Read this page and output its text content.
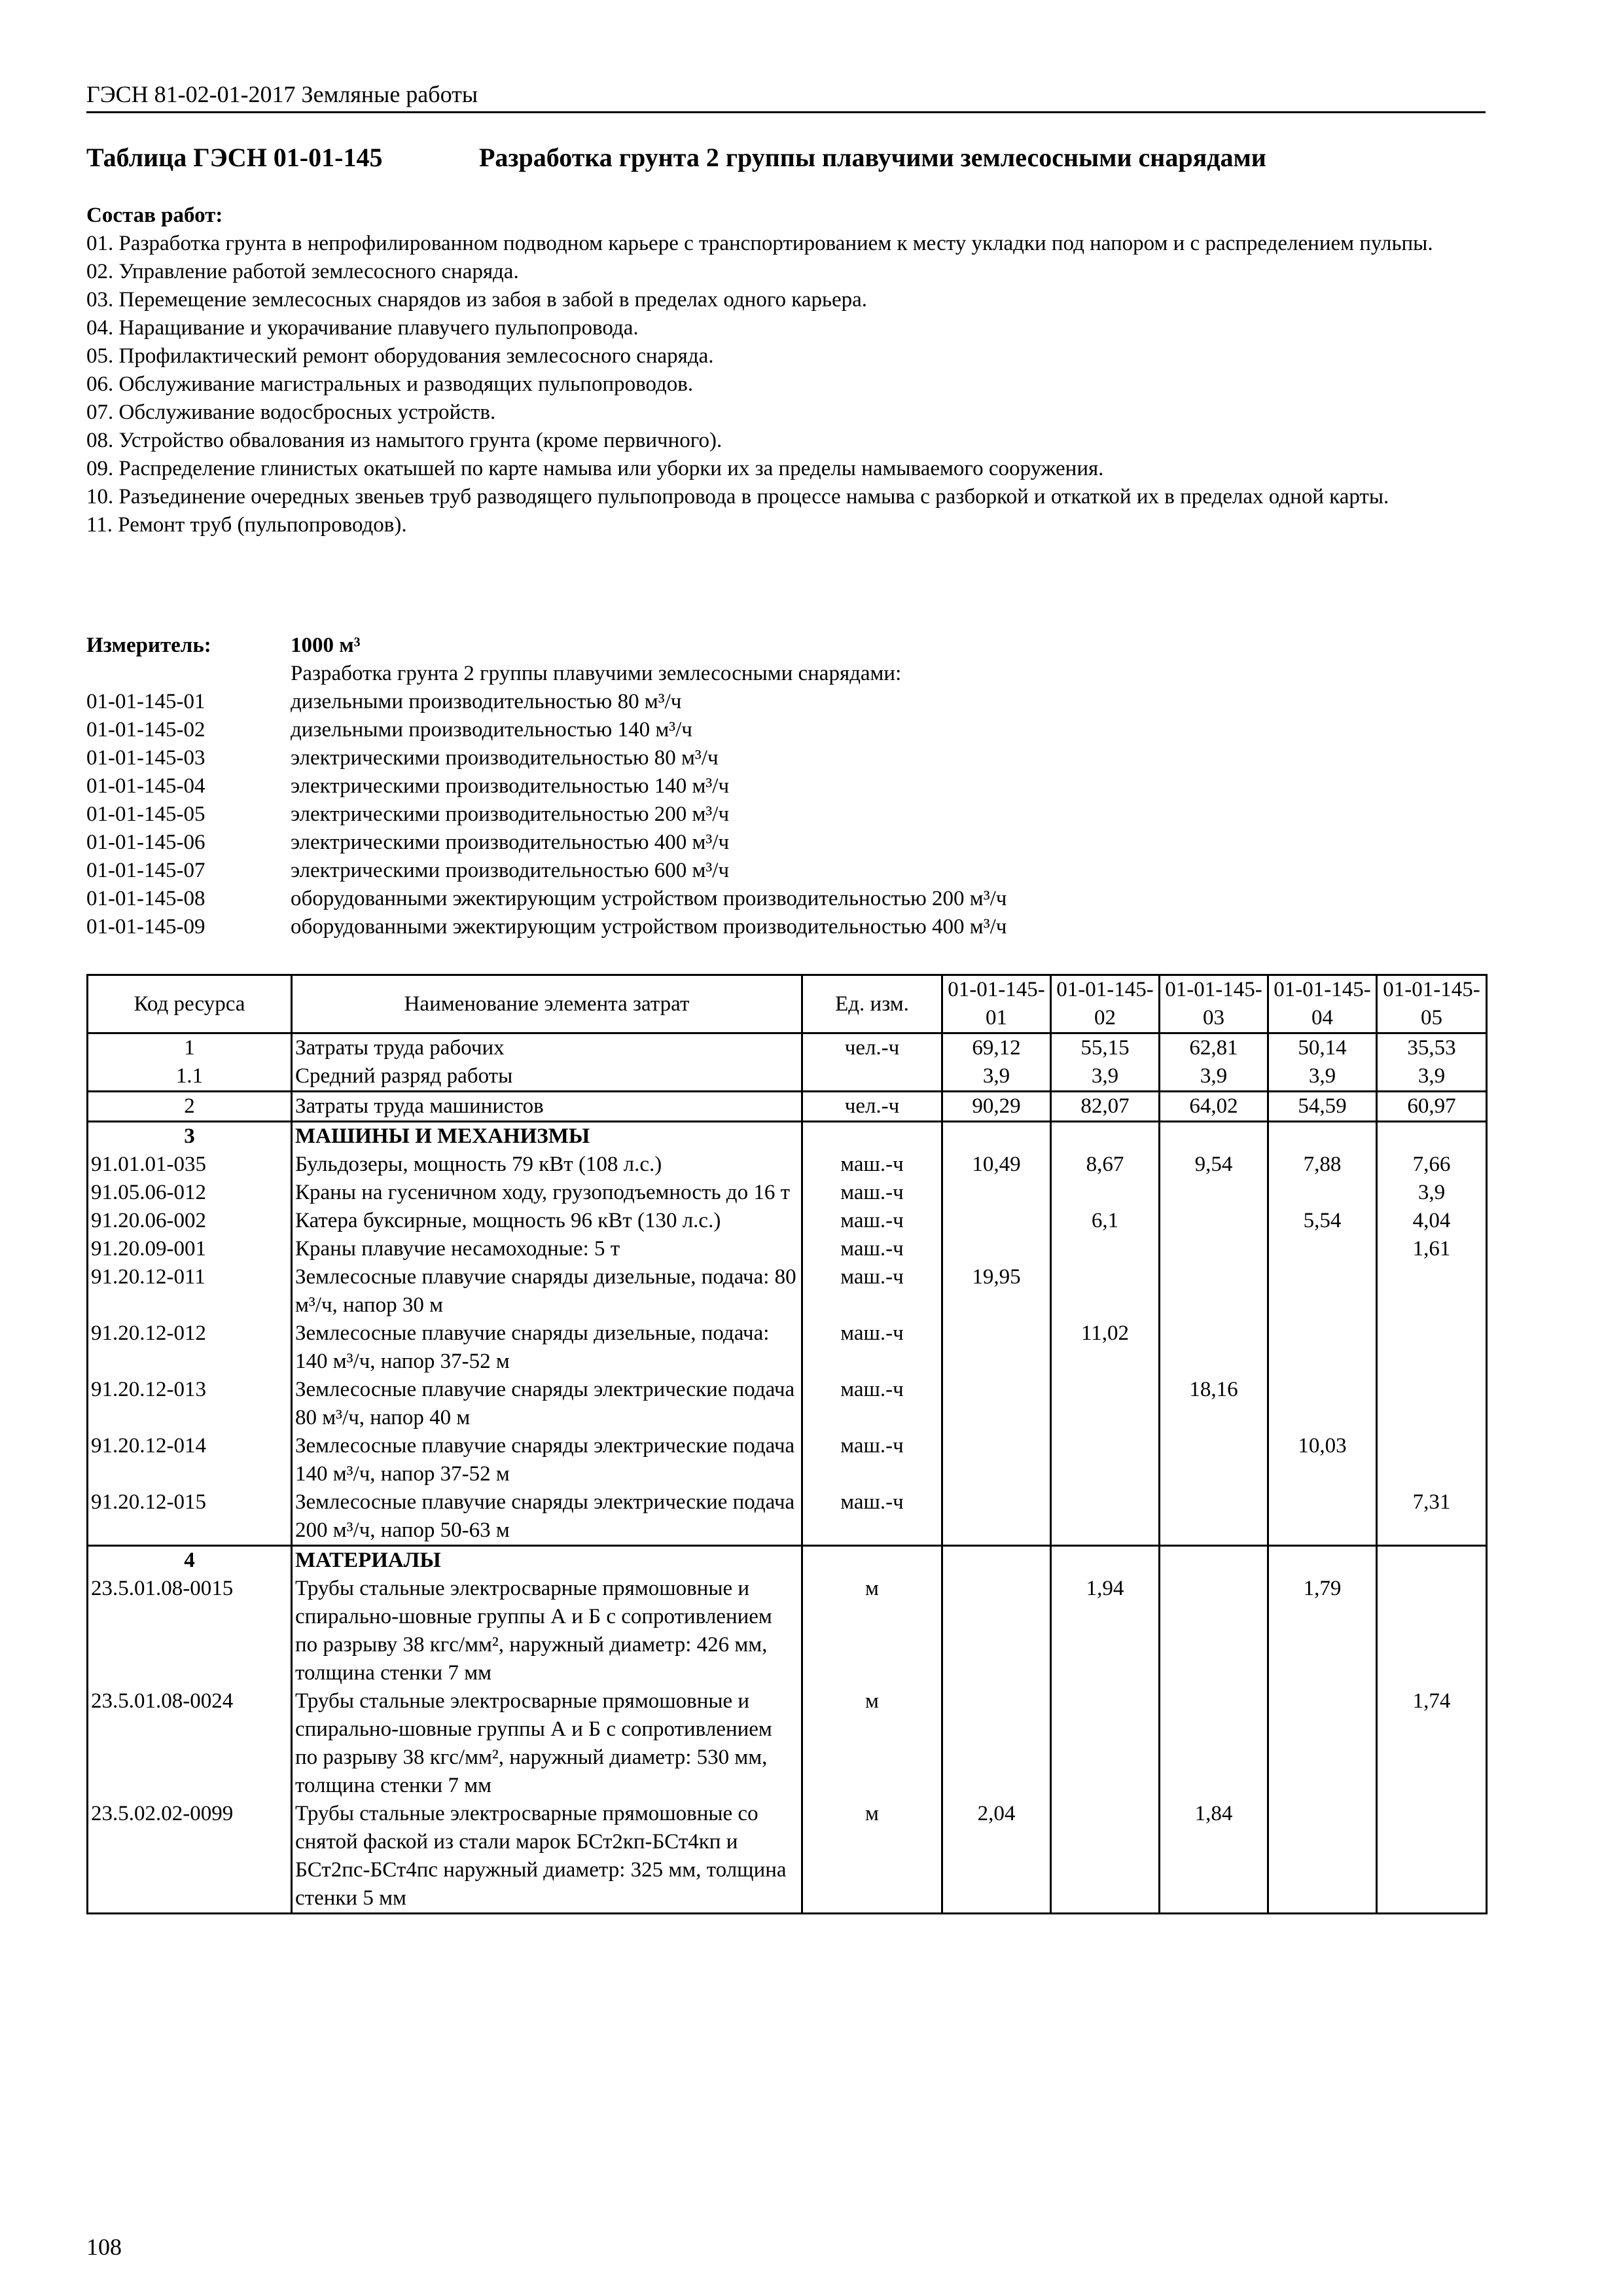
ГЭСН 81-02-01-2017 Земляные работы
Таблица ГЭСН 01-01-145	Разработка грунта 2 группы плавучими землесосными снарядами
Состав работ:
01. Разработка грунта в непрофилированном подводном карьере с транспортированием к месту укладки под напором и с распределением пульпы.
02. Управление работой землесосного снаряда.
03. Перемещение землесосных снарядов из забоя в забой в пределах одного карьера.
04. Наращивание и укорачивание плавучего пульпопровода.
05. Профилактический ремонт оборудования землесосного снаряда.
06. Обслуживание магистральных и разводящих пульпопроводов.
07. Обслуживание водосбросных устройств.
08. Устройство обвалования из намытого грунта (кроме первичного).
09. Распределение глинистых окатышей по карте намыва или уборки их за пределы намываемого сооружения.
10. Разъединение очередных звеньев труб разводящего пульпопровода в процессе намыва с разборкой и откаткой их в пределах одной карты.
11. Ремонт труб (пульпопроводов).
Измеритель:	1000 м³
Разработка грунта 2 группы плавучими землесосными снарядами:
01-01-145-01	дизельными производительностью 80 м³/ч
01-01-145-02	дизельными производительностью 140 м³/ч
01-01-145-03	электрическими производительностью 80 м³/ч
01-01-145-04	электрическими производительностью 140 м³/ч
01-01-145-05	электрическими производительностью 200 м³/ч
01-01-145-06	электрическими производительностью 400 м³/ч
01-01-145-07	электрическими производительностью 600 м³/ч
01-01-145-08	оборудованными эжектирующим устройством производительностью 200 м³/ч
01-01-145-09	оборудованными эжектирующим устройством производительностью 400 м³/ч
Код ресурса	Наименование элемента затрат	Ед. изм.	01-01-145-01	01-01-145-02	01-01-145-03	01-01-145-04	01-01-145-05
1	Затраты труда рабочих	чел.-ч	69,12	55,15	62,81	50,14	35,53
1.1	Средний разряд работы		3,9	3,9	3,9	3,9	3,9
2	Затраты труда машинистов	чел.-ч	90,29	82,07	64,02	54,59	60,97
3	МАШИНЫ И МЕХАНИЗМЫ						
91.01.01-035	Бульдозеры, мощность 79 кВт (108 л.с.)	маш.-ч	10,49	8,67	9,54	7,88	7,66
91.05.06-012	Краны на гусеничном ходу, грузоподъемность до 16 т	маш.-ч					3,9
91.20.06-002	Катера буксирные, мощность 96 кВт (130 л.с.)	маш.-ч		6,1		5,54	4,04
91.20.09-001	Краны плавучие несамоходные: 5 т	маш.-ч					1,61
91.20.12-011	Землесосные плавучие снаряды дизельные, подача: 80 м³/ч, напор 30 м	маш.-ч	19,95				
91.20.12-012	Землесосные плавучие снаряды дизельные, подача: 140 м³/ч, напор 37-52 м	маш.-ч		11,02			
91.20.12-013	Землесосные плавучие снаряды электрические подача 80 м³/ч, напор 40 м	маш.-ч			18,16		
91.20.12-014	Землесосные плавучие снаряды электрические подача 140 м³/ч, напор 37-52 м	маш.-ч				10,03	
91.20.12-015	Землесосные плавучие снаряды электрические подача 200 м³/ч, напор 50-63 м	маш.-ч					7,31
4	МАТЕРИАЛЫ						
23.5.01.08-0015	Трубы стальные электросварные прямошовные и спирально-шовные группы А и Б с сопротивлением по разрыву 38 кгс/мм², наружный диаметр: 426 мм, толщина стенки 7 мм	м		1,94		1,79	
23.5.01.08-0024	Трубы стальные электросварные прямошовные и спирально-шовные группы А и Б с сопротивлением по разрыву 38 кгс/мм², наружный диаметр: 530 мм, толщина стенки 7 мм	м					1,74
23.5.02.02-0099	Трубы стальные электросварные прямошовные со снятой фаской из стали марок БСт2кп-БСт4кп и БСт2пс-БСт4пс наружный диаметр: 325 мм, толщина стенки 5 мм	м	2,04		1,84		
108
